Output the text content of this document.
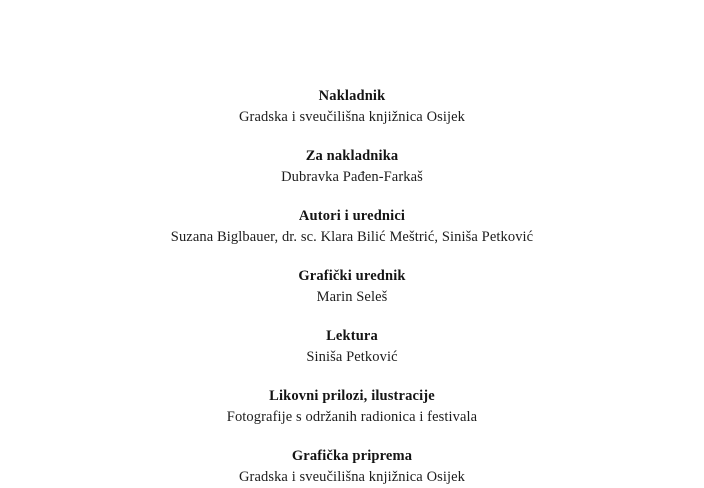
Nakladnik
Gradska i sveučilišna knjižnica Osijek
Za nakladnika
Dubravka Pađen-Farkaš
Autori i urednici
Suzana Biglbauer, dr. sc. Klara Bilić Meštrić, Siniša Petković
Grafički urednik
Marin Seleš
Lektura
Siniša Petković
Likovni prilozi, ilustracije
Fotografije s održanih radionica i festivala
Grafička priprema
Gradska i sveučilišna knjižnica Osijek
